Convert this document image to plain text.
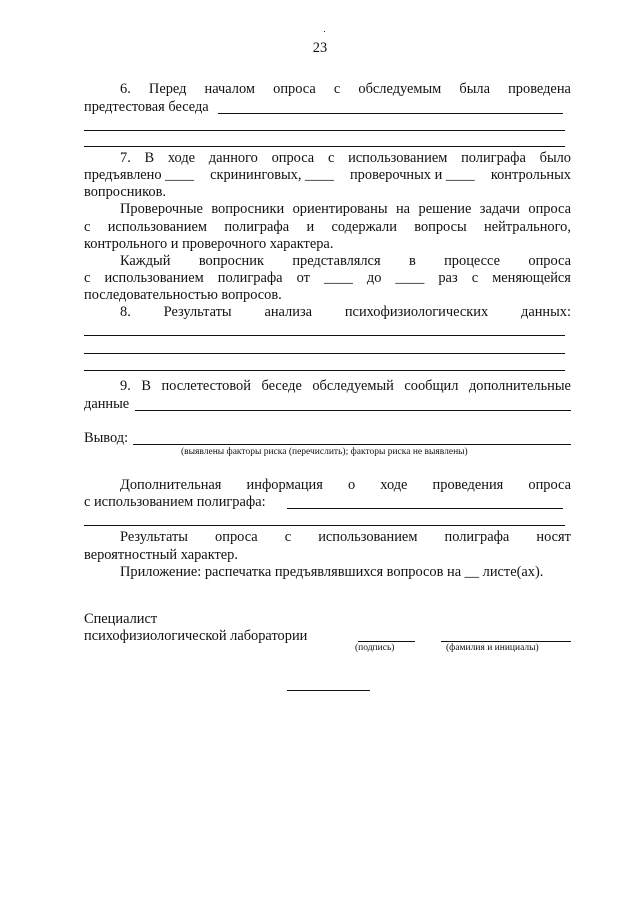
23
6. Перед началом опроса с обследуемым была проведена
предтестовая беседа
7. В ходе данного опроса с использованием полиграфа было
предъявлено ____ скрининговых, ____ проверочных и ____ контрольных
вопросников.
Проверочные вопросники ориентированы на решение задачи опроса
с использованием полиграфа и содержали вопросы нейтрального,
контрольного и проверочного характера.
Каждый вопросник представлялся в процессе опроса
с использованием полиграфа от ____ до ____ раз с меняющейся
последовательностью вопросов.
8. Результаты анализа психофизиологических данных:
9. В послетестовой беседе обследуемый сообщил дополнительные
данные
Вывод:
(выявлены факторы риска (перечислить); факторы риска не выявлены)
Дополнительная информация о ходе проведения опроса
с использованием полиграфа:
Результаты опроса с использованием полиграфа носят
вероятностный характер.
Приложение: распечатка предъявлявшихся вопросов на __ листе(ах).
Специалист
психофизиологической лаборатории
(подпись)	(фамилия и инициалы)
